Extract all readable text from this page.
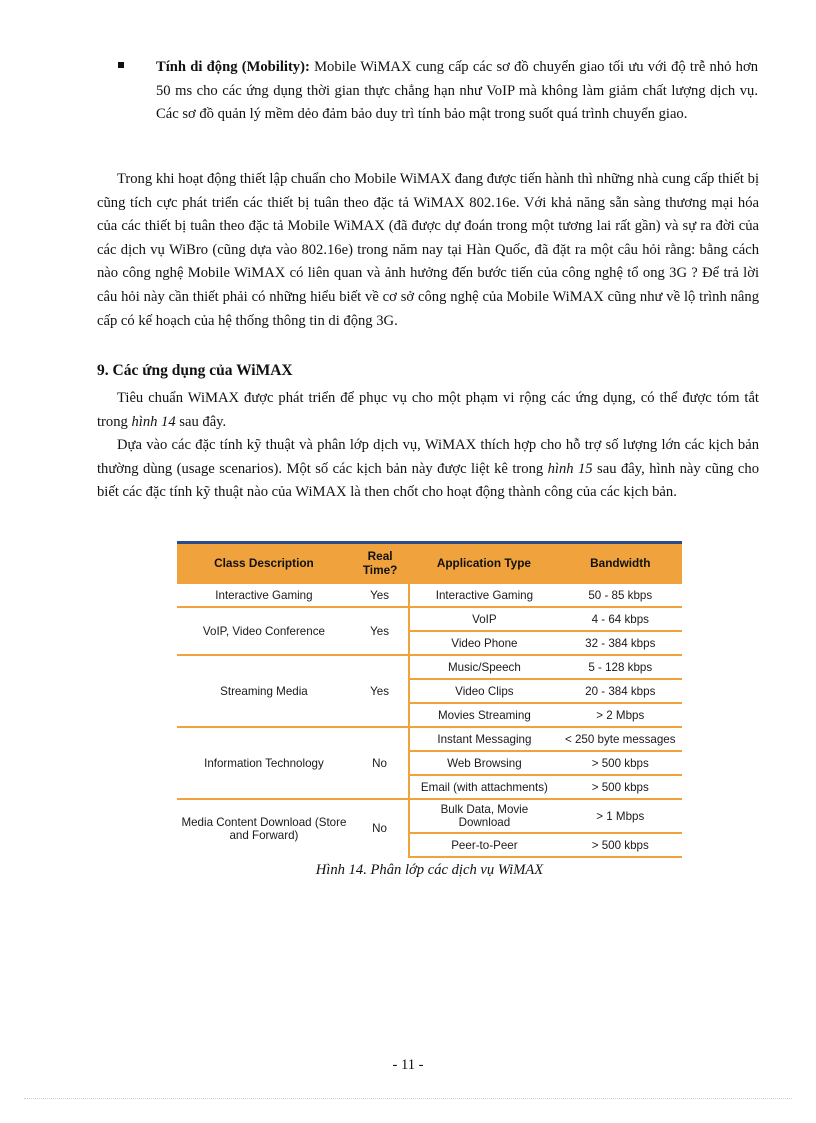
Tính di động (Mobility): Mobile WiMAX cung cấp các sơ đồ chuyển giao tối ưu với độ trễ nhỏ hơn 50 ms cho các ứng dụng thời gian thực chẳng hạn như VoIP mà không làm giảm chất lượng dịch vụ. Các sơ đồ quản lý mềm dẻo đảm bảo duy trì tính bảo mật trong suốt quá trình chuyển giao.

Trong khi hoạt động thiết lập chuẩn cho Mobile WiMAX đang được tiến hành thì những nhà cung cấp thiết bị cũng tích cực phát triển các thiết bị tuân theo đặc tả WiMAX 802.16e. Với khả năng sẵn sàng thương mại hóa của các thiết bị tuân theo đặc tả Mobile WiMAX (đã được dự đoán trong một tương lai rất gần) và sự ra đời của các dịch vụ WiBro (cũng dựa vào 802.16e) trong năm nay tại Hàn Quốc, đã đặt ra một câu hỏi rằng: bằng cách nào công nghệ Mobile WiMAX có liên quan và ảnh hưởng đến bước tiến của công nghệ tổ ong 3G ? Để trả lời câu hỏi này cần thiết phải có những hiểu biết về cơ sở công nghệ của Mobile WiMAX cũng như về lộ trình nâng cấp có kế hoạch của hệ thống thông tin di động 3G.

9. Các ứng dụng của WiMAX

Tiêu chuẩn WiMAX được phát triển để phục vụ cho một phạm vi rộng các ứng dụng, có thể được tóm tắt trong hình 14 sau đây.

Dựa vào các đặc tính kỹ thuật và phân lớp dịch vụ, WiMAX thích hợp cho hỗ trợ số lượng lớn các kịch bản thường dùng (usage scenarios). Một số các kịch bản này được liệt kê trong hình 15 sau đây, hình này cũng cho biết các đặc tính kỹ thuật nào của WiMAX là then chốt cho hoạt động thành công của các kịch bản.

Class Description	Real Time?	Application Type	Bandwidth
Interactive Gaming	Yes	Interactive Gaming	50 - 85 kbps
VoIP, Video Conference	Yes	VoIP	4 - 64 kbps
		Video Phone	32 - 384 kbps
Streaming Media	Yes	Music/Speech	5 - 128 kbps
		Video Clips	20 - 384 kbps
		Movies Streaming	> 2 Mbps
Information Technology	No	Instant Messaging	< 250 byte messages
		Web Browsing	> 500 kbps
		Email (with attachments)	> 500 kbps
Media Content Download (Store and Forward)	No	Bulk Data, Movie Download	> 1 Mbps
		Peer-to-Peer	> 500 kbps
Hình 14. Phân lớp các dịch vụ WiMAX
- 11 -
